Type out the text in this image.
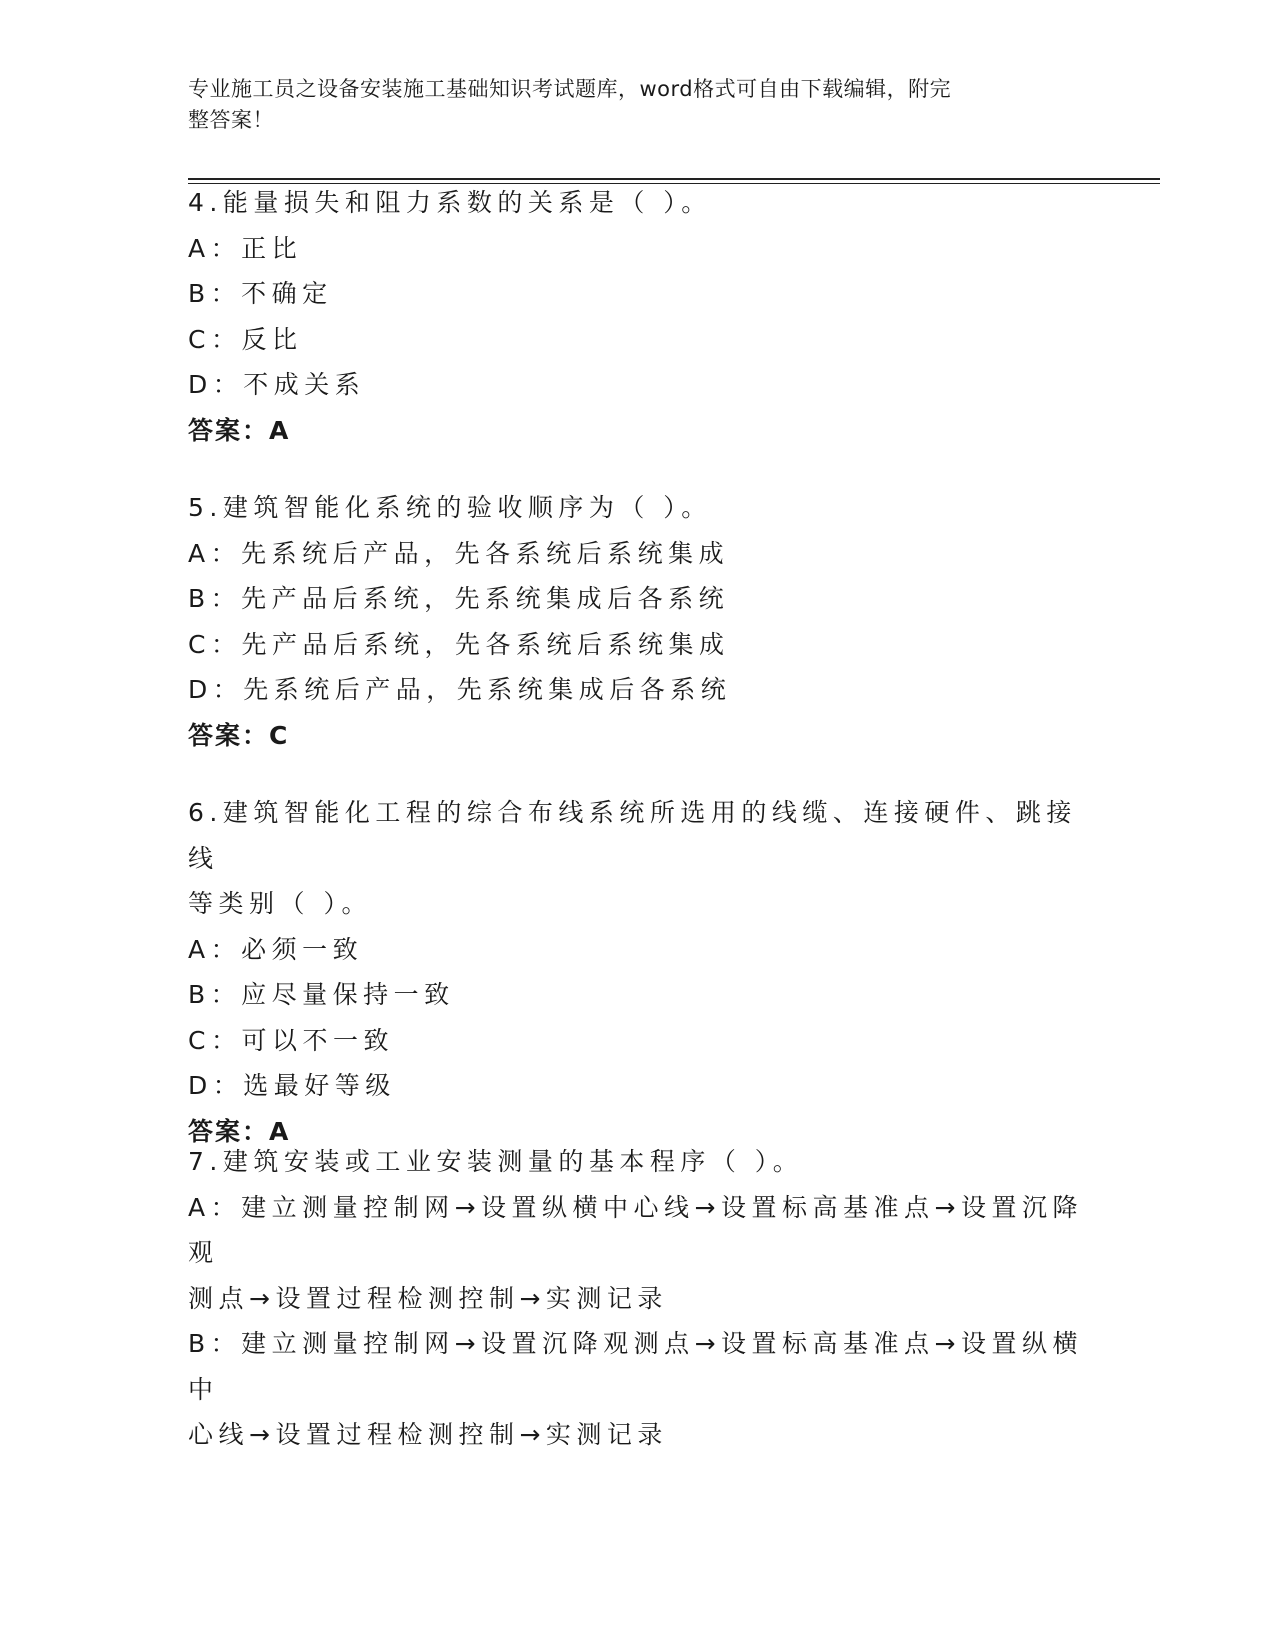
专业施工员之设备安装施工基础知识考试题库，word格式可自由下载编辑，附完
整答案！
4.能量损失和阻力系数的关系是（ ）。
A：正比
B：不确定
C：反比
D：不成关系
答案：A
5.建筑智能化系统的验收顺序为（ ）。
A：先系统后产品，先各系统后系统集成
B：先产品后系统，先系统集成后各系统
C：先产品后系统，先各系统后系统集成
D：先系统后产品，先系统集成后各系统
答案：C
6.建筑智能化工程的综合布线系统所选用的线缆、连接硬件、跳接线
等类别（ ）。
A：必须一致
B：应尽量保持一致
C：可以不一致
D：选最好等级
答案：A
7.建筑安装或工业安装测量的基本程序（ ）。
A：建立测量控制网→设置纵横中心线→设置标高基准点→设置沉降观
测点→设置过程检测控制→实测记录
B：建立测量控制网→设置沉降观测点→设置标高基准点→设置纵横中
心线→设置过程检测控制→实测记录
